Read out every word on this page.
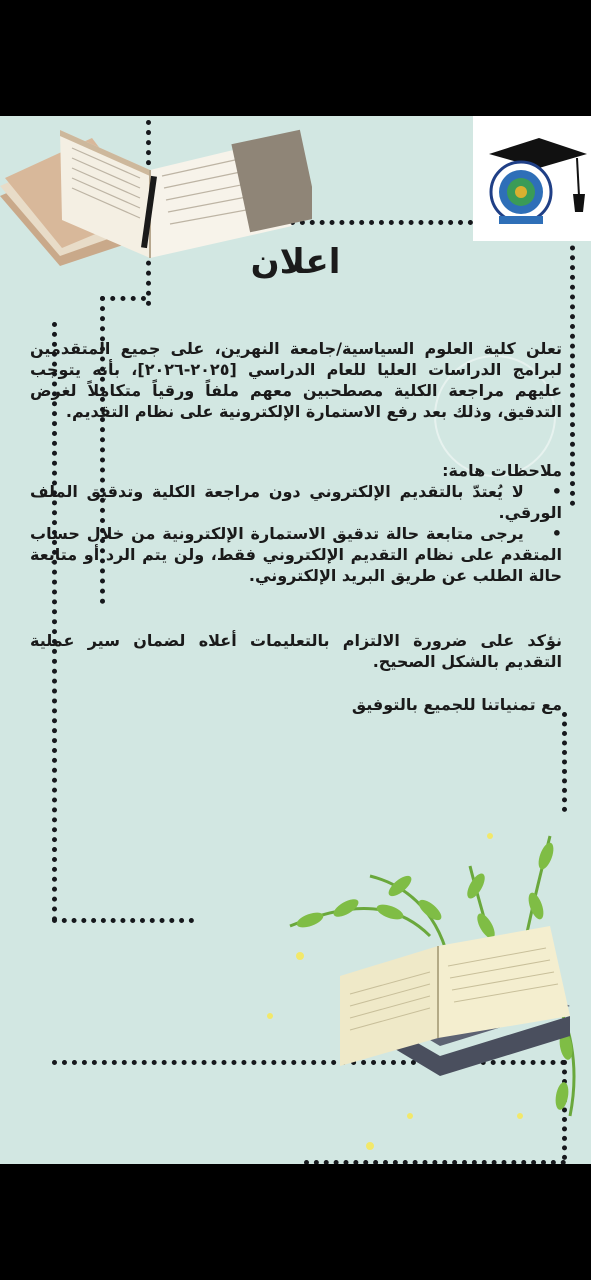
اعلان

تعلن كلية العلوم السياسية/جامعة النهرين، على جميع المتقدمين لبرامج الدراسات العليا للعام الدراسي [٢٠٢٥-٢٠٢٦]، بأنه يتوجب عليهم مراجعة الكلية مصطحبين معهم ملفاً ورقياً متكاملاً لغرض التدقيق، وذلك بعد رفع الاستمارة الإلكترونية على نظام التقديم.

ملاحظات هامة:
•لا يُعتدّ بالتقديم الإلكتروني دون مراجعة الكلية وتدقيق الملف الورقي.
•يرجى متابعة حالة تدقيق الاستمارة الإلكترونية من خلال حساب المتقدم على نظام التقديم الإلكتروني فقط، ولن يتم الرد أو متابعة حالة الطلب عن طريق البريد الإلكتروني.

نؤكد على ضرورة الالتزام بالتعليمات أعلاه لضمان سير عملية التقديم بالشكل الصحيح.

مع تمنياتنا للجميع بالتوفيق
